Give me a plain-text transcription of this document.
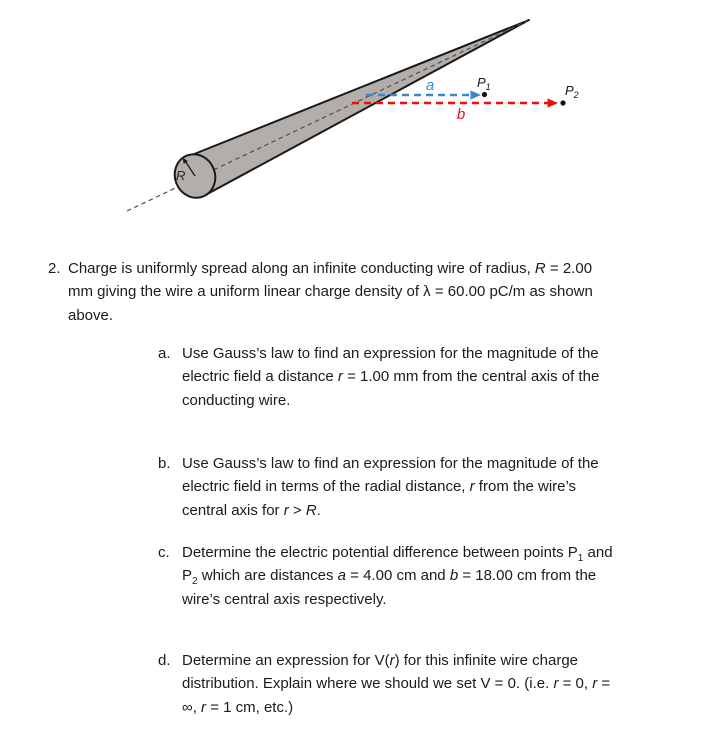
R
a
b
$P_1$	$P_2$
2. Charge is uniformly spread along an infinite conducting wire of radius, R = 2.00
mm giving the wire a uniform linear charge density of λ = 60.00 pC/m as shown
above.
a. Use Gauss’s law to find an expression for the magnitude of the
electric field a distance r = 1.00 mm from the central axis of the
conducting wire.
b. Use Gauss’s law to find an expression for the magnitude of the
electric field in terms of the radial distance, r from the wire’s
central axis for r > R.
c. Determine the electric potential difference between points $P_1$ and
$P_2$ which are distances a = 4.00 cm and b = 18.00 cm from the
wire’s central axis respectively.
d. Determine an expression for V(r) for this infinite wire charge
distribution. Explain where we should we set V = 0. (i.e. r = 0, r =
∞, r = 1 cm, etc.)
